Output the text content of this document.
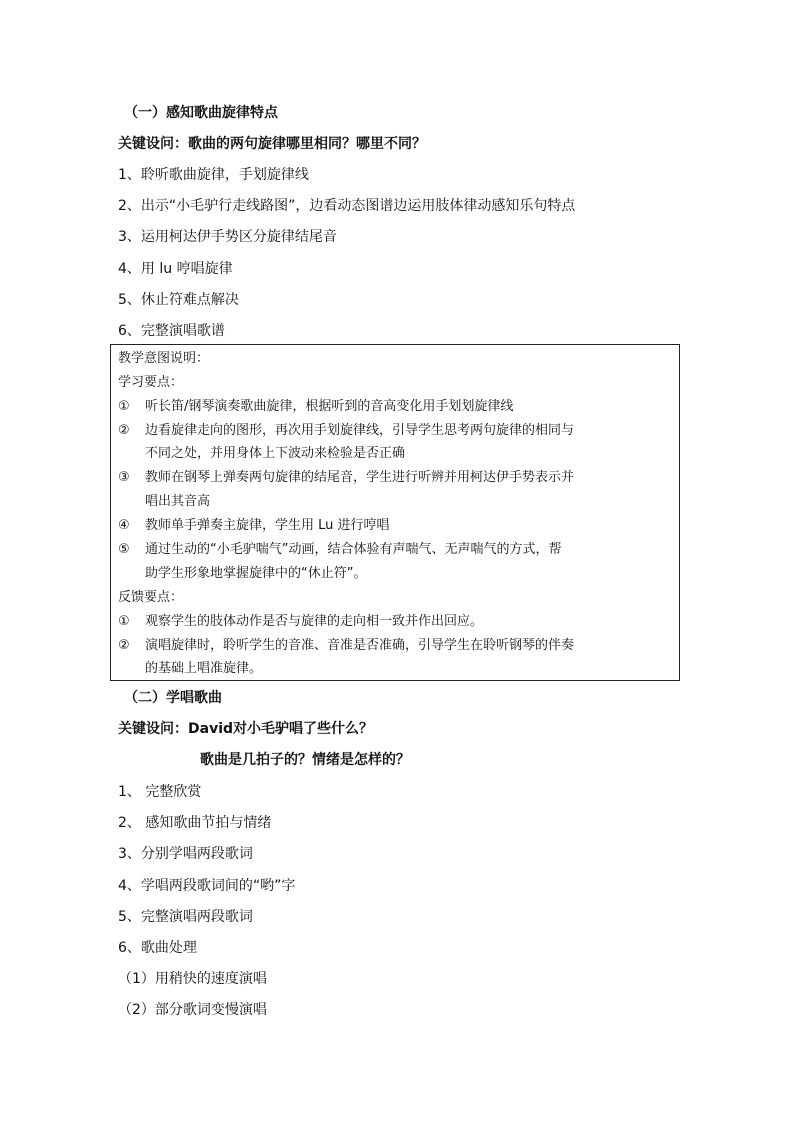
（一）感知歌曲旋律特点
关键设问：歌曲的两句旋律哪里相同？哪里不同？
1、聆听歌曲旋律，手划旋律线
2、出示“小毛驴行走线路图”，边看动态图谱边运用肢体律动感知乐句特点
3、运用柯达伊手势区分旋律结尾音
4、用 lu 哼唱旋律
5、休止符难点解决
6、完整演唱歌谱
教学意图说明：
学习要点：
①	听长笛/钢琴演奏歌曲旋律，根据听到的音高变化用手划划旋律线
②	边看旋律走向的图形，再次用手划旋律线，引导学生思考两句旋律的相同与
不同之处，并用身体上下波动来检验是否正确
③	教师在钢琴上弹奏两句旋律的结尾音，学生进行听辨并用柯达伊手势表示并
唱出其音高
④	教师单手弹奏主旋律，学生用 Lu 进行哼唱
⑤	通过生动的“小毛驴喘气”动画，结合体验有声喘气、无声喘气的方式，帮
助学生形象地掌握旋律中的“休止符”。
反馈要点：
①	观察学生的肢体动作是否与旋律的走向相一致并作出回应。
②	演唱旋律时，聆听学生的音准、音准是否准确，引导学生在聆听钢琴的伴奏
的基础上唱准旋律。
（二）学唱歌曲
关键设问：David对小毛驴唱了些什么？
歌曲是几拍子的？情绪是怎样的？
1、 完整欣赏
2、 感知歌曲节拍与情绪
3、分别学唱两段歌词
4、学唱两段歌词间的“哟”字
5、完整演唱两段歌词
6、歌曲处理
（1）用稍快的速度演唱
（2）部分歌词变慢演唱
